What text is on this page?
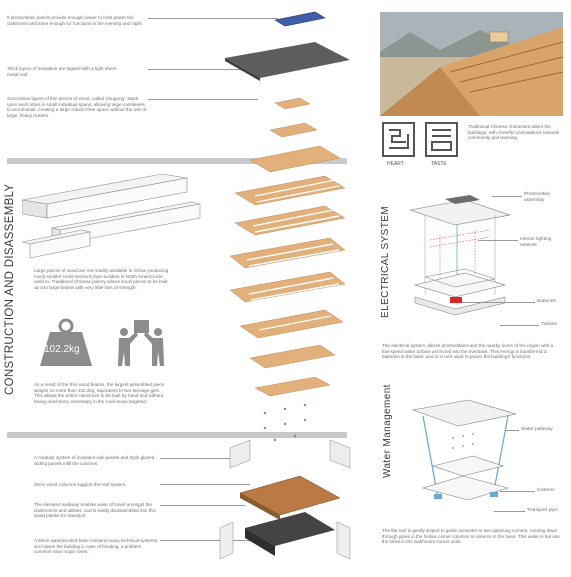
5 photovoltaic panels provide enough power to both power the classroom and store enough for functions in the evening and night.
Thick layers of insulation are topped with a light sheet metal roof.
Successive layers of thin pieces of wood, called 'dougong', stack upon each other in small individual spans, allowing large cantilevers to accumulate, creating a large column-free space without the use of large, heavy trusses.
CONSTRUCTION AND DISASSEMBLY	Large pieces of wood are not readily available in China, producing much smaller cross-sections than builders in North America are used to. Traditional Chinese joinery allows small pieces to be built up into large beams with very little loss of strength.
102.2kg
As a result of the thin wood beams, the largest assembled piece weighs no more than 102.2kg, equivalent to two teenage girls. This allows the entire classroom to be built by hand and without heavy machinery, necessary in the rural areas targeted.
A modular system of insulated wall panels and triple glazed sliding panels infill the columns.
20cm wood columns support the roof system.
The elevated walkway enables ease of travel amongst the classrooms and utilities, and is easily disassembled into thin wood planks for transport.
A 60cm waterproofed base contains many technical systems and raises the building in case of flooding, a problem common near major rivers.
HEART	TASTE
Traditional Chinese characters adorn the buildings, with cheerful connotations towards community and learning.
ELECTRICAL SYSTEM
Photovoltaic assembly
Interior lighting network
Batteries
Turbine
The electrical system utilizes photovoltaics and the nearby rivers of the region with a low-speed water turbine anchored into the riverbank. This energy is transferred to batteries in the base, and is in turn used to power the building's functions.
Water Management	Water pathway
Cisterns
Transport pipe
The flat roof is gently sloped to guide rainwater to two opposing corners, running down through pipes in the hollow corner columns to cisterns in the base. This water is fed into the sinks in the washroom corner units.
